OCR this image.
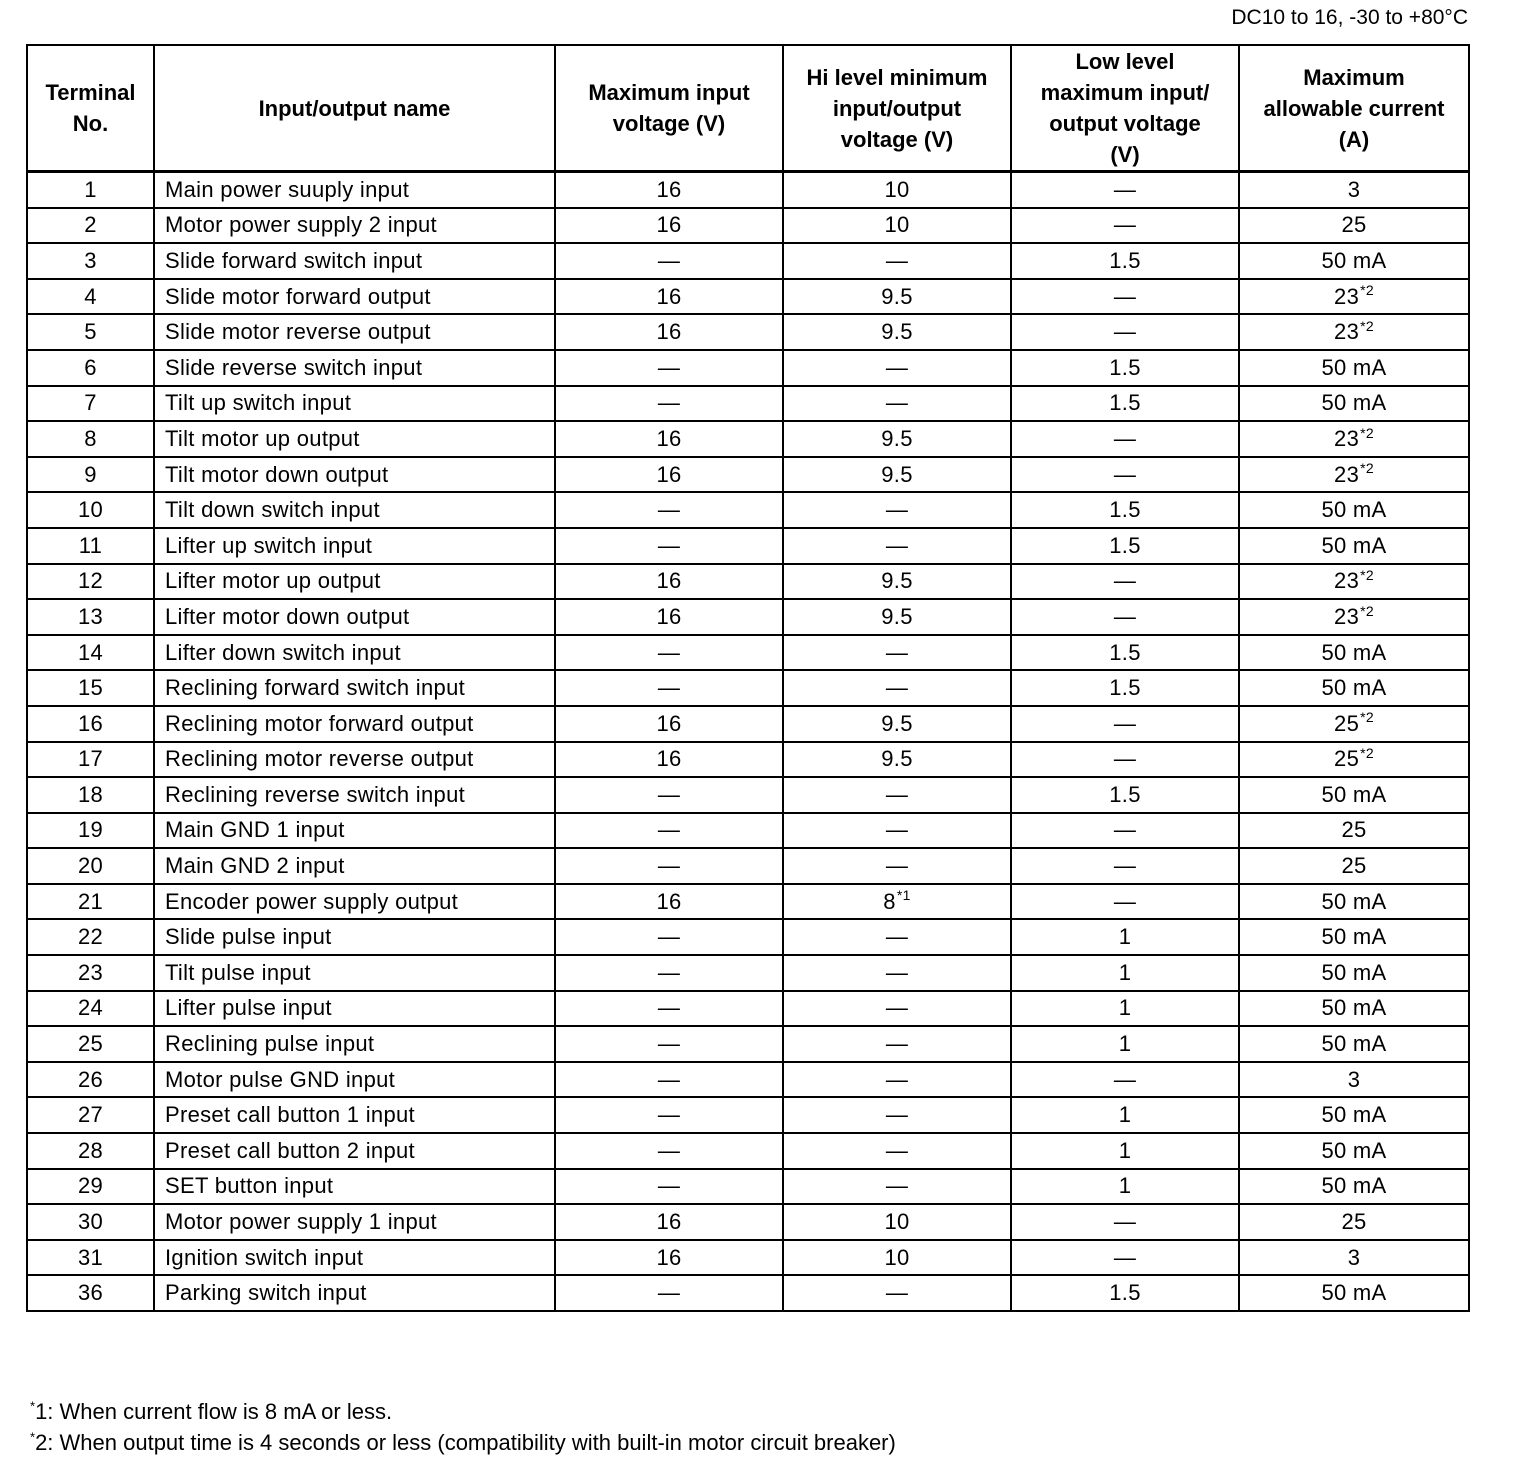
DC10 to 16, -30 to +80°C
Terminal
No.	Input/output name	Maximum input
voltage (V)	Hi level minimum
input/output
voltage (V)	Low level
maximum input/
output voltage
(V)	Maximum
allowable current
(A)
1	Main power suuply input	16	10	—	3
2	Motor power supply 2 input	16	10	—	25
3	Slide forward switch input	—	—	1.5	50 mA
4	Slide motor forward output	16	9.5	—	23$^{*2}$
5	Slide motor reverse output	16	9.5	—	23$^{*2}$
6	Slide reverse switch input	—	—	1.5	50 mA
7	Tilt up switch input	—	—	1.5	50 mA
8	Tilt motor up output	16	9.5	—	23$^{*2}$
9	Tilt motor down output	16	9.5	—	23$^{*2}$
10	Tilt down switch input	—	—	1.5	50 mA
11	Lifter up switch input	—	—	1.5	50 mA
12	Lifter motor up output	16	9.5	—	23$^{*2}$
13	Lifter motor down output	16	9.5	—	23$^{*2}$
14	Lifter down switch input	—	—	1.5	50 mA
15	Reclining forward switch input	—	—	1.5	50 mA
16	Reclining motor forward output	16	9.5	—	25$^{*2}$
17	Reclining motor reverse output	16	9.5	—	25$^{*2}$
18	Reclining reverse switch input	—	—	1.5	50 mA
19	Main GND 1 input	—	—	—	25
20	Main GND 2 input	—	—	—	25
21	Encoder power supply output	16	8$^{*1}$	—	50 mA
22	Slide pulse input	—	—	1	50 mA
23	Tilt pulse input	—	—	1	50 mA
24	Lifter pulse input	—	—	1	50 mA
25	Reclining pulse input	—	—	1	50 mA
26	Motor pulse GND input	—	—	—	3
27	Preset call button 1 input	—	—	1	50 mA
28	Preset call button 2 input	—	—	1	50 mA
29	SET button input	—	—	1	50 mA
30	Motor power supply 1 input	16	10	—	25
31	Ignition switch input	16	10	—	3
36	Parking switch input	—	—	1.5	50 mA
*1: When current flow is 8 mA or less.
*2: When output time is 4 seconds or less (compatibility with built-in motor circuit breaker)
